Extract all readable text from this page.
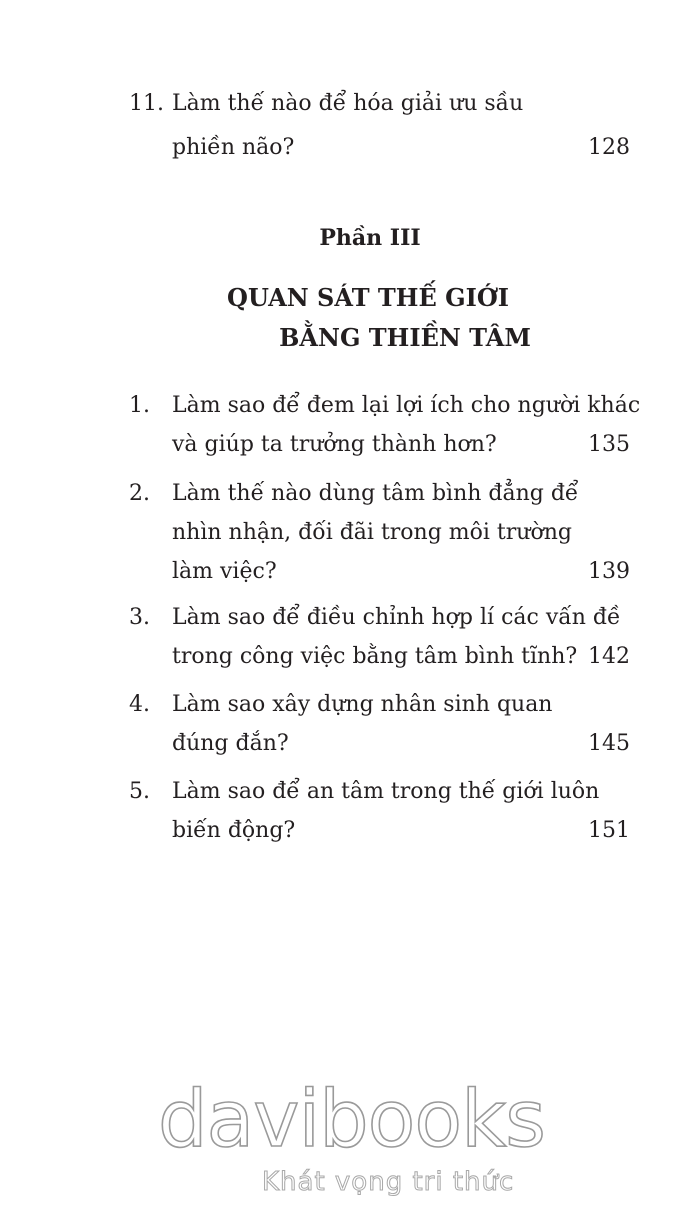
11. Làm thế nào để hóa giải ưu sầu
phiền não?	128
Phần III
QUAN SÁT THẾ GIỚI
BẰNG THIỀN TÂM
1. Làm sao để đem lại lợi ích cho người khác
và giúp ta trưởng thành hơn?	135
2. Làm thế nào dùng tâm bình đẳng để
nhìn nhận, đối đãi trong môi trường
làm việc?	139
3. Làm sao để điều chỉnh hợp lí các vấn đề
trong công việc bằng tâm bình tĩnh? 142
4. Làm sao xây dựng nhân sinh quan
đúng đắn?	145
5. Làm sao để an tâm trong thế giới luôn
biến động?	151
davibooks
Khát vọng tri thức
